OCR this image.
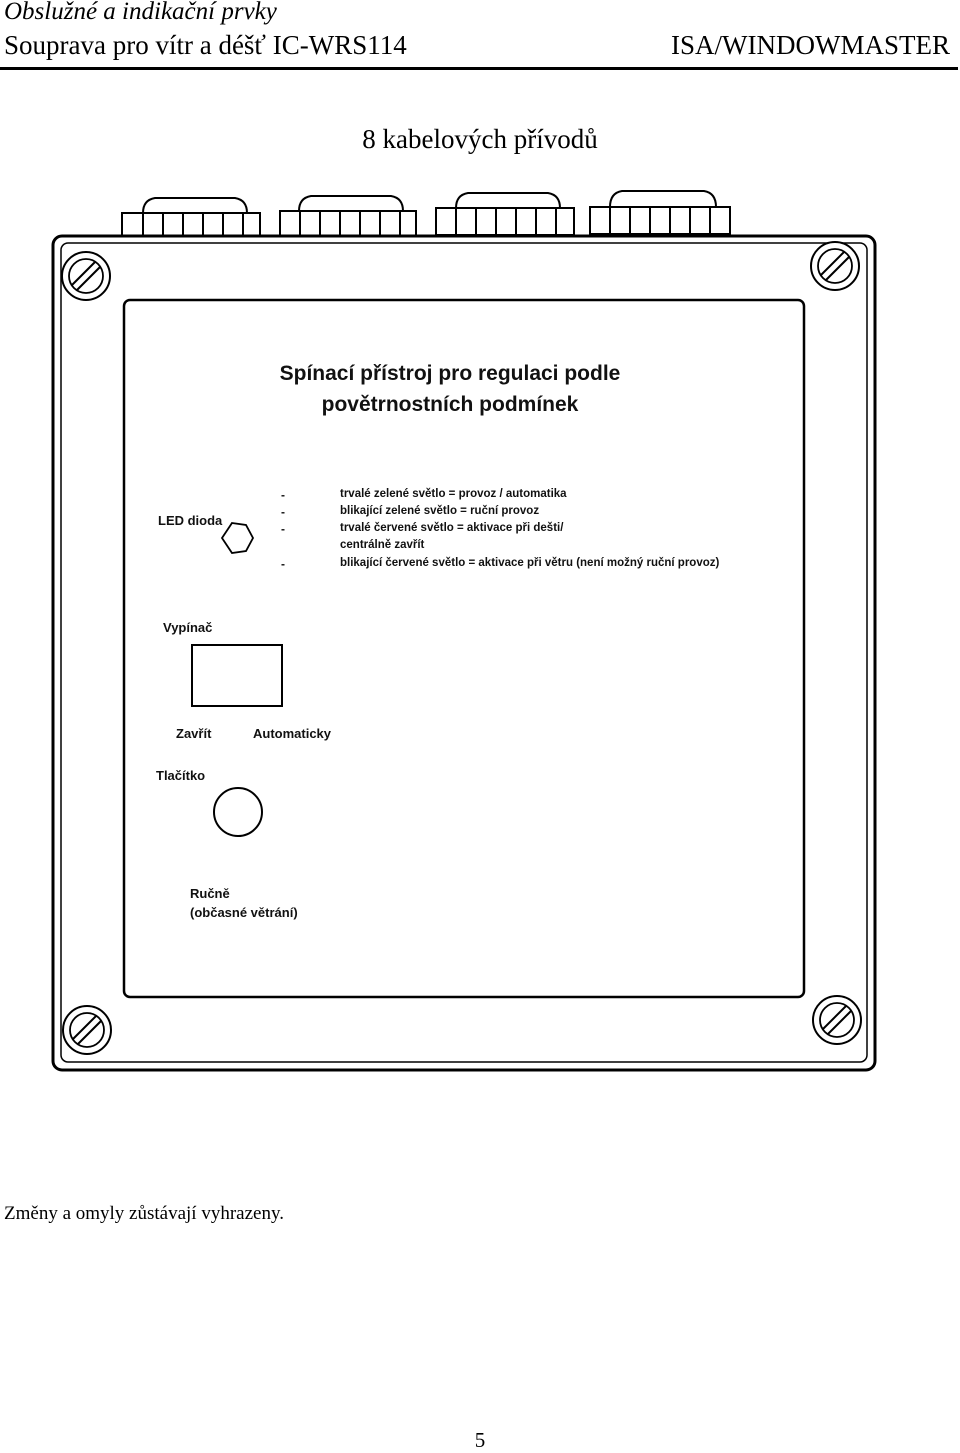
Obslužné a indikační prvky
Souprava pro vítr a déšť IC-WRS114	ISA/WINDOWMASTER
8 kabelových přívodů
Spínací přístroj pro regulaci podle
povětrnostních podmínek
LED dioda
-
-
-
-
trvalé zelené světlo = provoz / automatika
blikající zelené světlo = ruční provoz
trvalé červené světlo = aktivace při dešti/
centrálně zavřít
blikající červené světlo = aktivace při větru (není možný ruční provoz)
Vypínač
Zavřít	Automaticky
Tlačítko
Ručně
(občasné větrání)
Změny a omyly zůstávají vyhrazeny.
5
